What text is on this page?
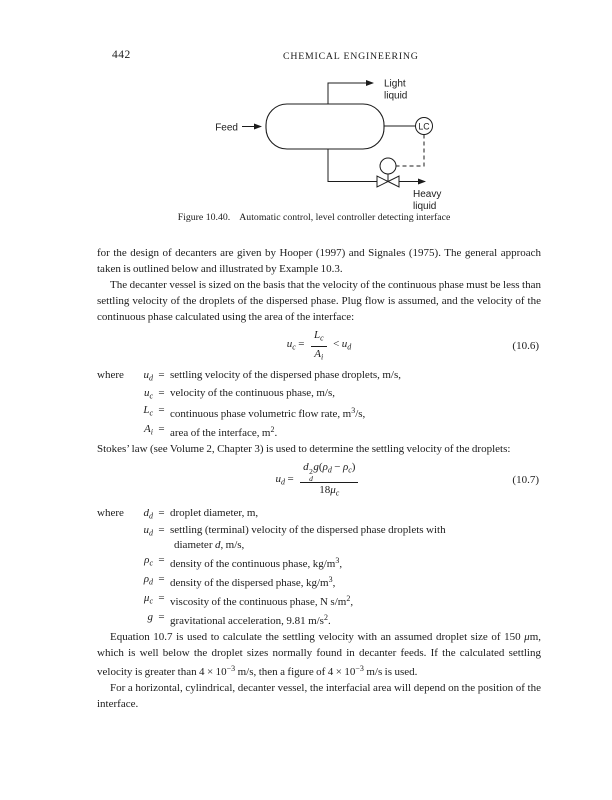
442	CHEMICAL ENGINEERING
Feed
Light
liquid
LC
Heavy
liquid
Figure 10.40. Automatic control, level controller detecting interface

for the design of decanters are given by Hooper (1997) and Signales (1975). The general approach taken is outlined below and illustrated by Example 10.3.

The decanter vessel is sized on the basis that the velocity of the continuous phase must be less than settling velocity of the droplets of the dispersed phase. Plug flow is assumed, and the velocity of the continuous phase calculated using the area of the interface:

$u_c = \frac{L_c}{A_i} < u_d$	(10.6)
where	$u_d$ = settling velocity of the dispersed phase droplets, m/s,
$u_c$ = velocity of the continuous phase, m/s,
$L_c$ = continuous phase volumetric flow rate, $m^3/s$,
$A_i$ = area of the interface, $m^2$.

Stokes’ law (see Volume 2, Chapter 3) is used to determine the settling velocity of the droplets:

$u_d = d$ 2
d
$g(\rho_d - \rho_c)$
$18\mu_c$	(10.7)
where	$d_d$ = droplet diameter, m,
$u_d$ = settling (terminal) velocity of the dispersed phase droplets with
diameter d, m/s,
$\rho_c$ = density of the continuous phase, $kg/m^3$,
$\rho_d$ = density of the dispersed phase, $kg/m^3$,
$\mu_c$ = viscosity of the continuous phase, N $s/m^2$,
g = gravitational acceleration, 9.81 $m/s^2$.

Equation 10.7 is used to calculate the settling velocity with an assumed droplet size of 150 μm, which is well below the droplet sizes normally found in decanter feeds. If the calculated settling velocity is greater than $4 \times 10^{-3}$ m/s, then a figure of $4 \times 10^{-3}$ m/s is used.

For a horizontal, cylindrical, decanter vessel, the interfacial area will depend on the position of the interface.
